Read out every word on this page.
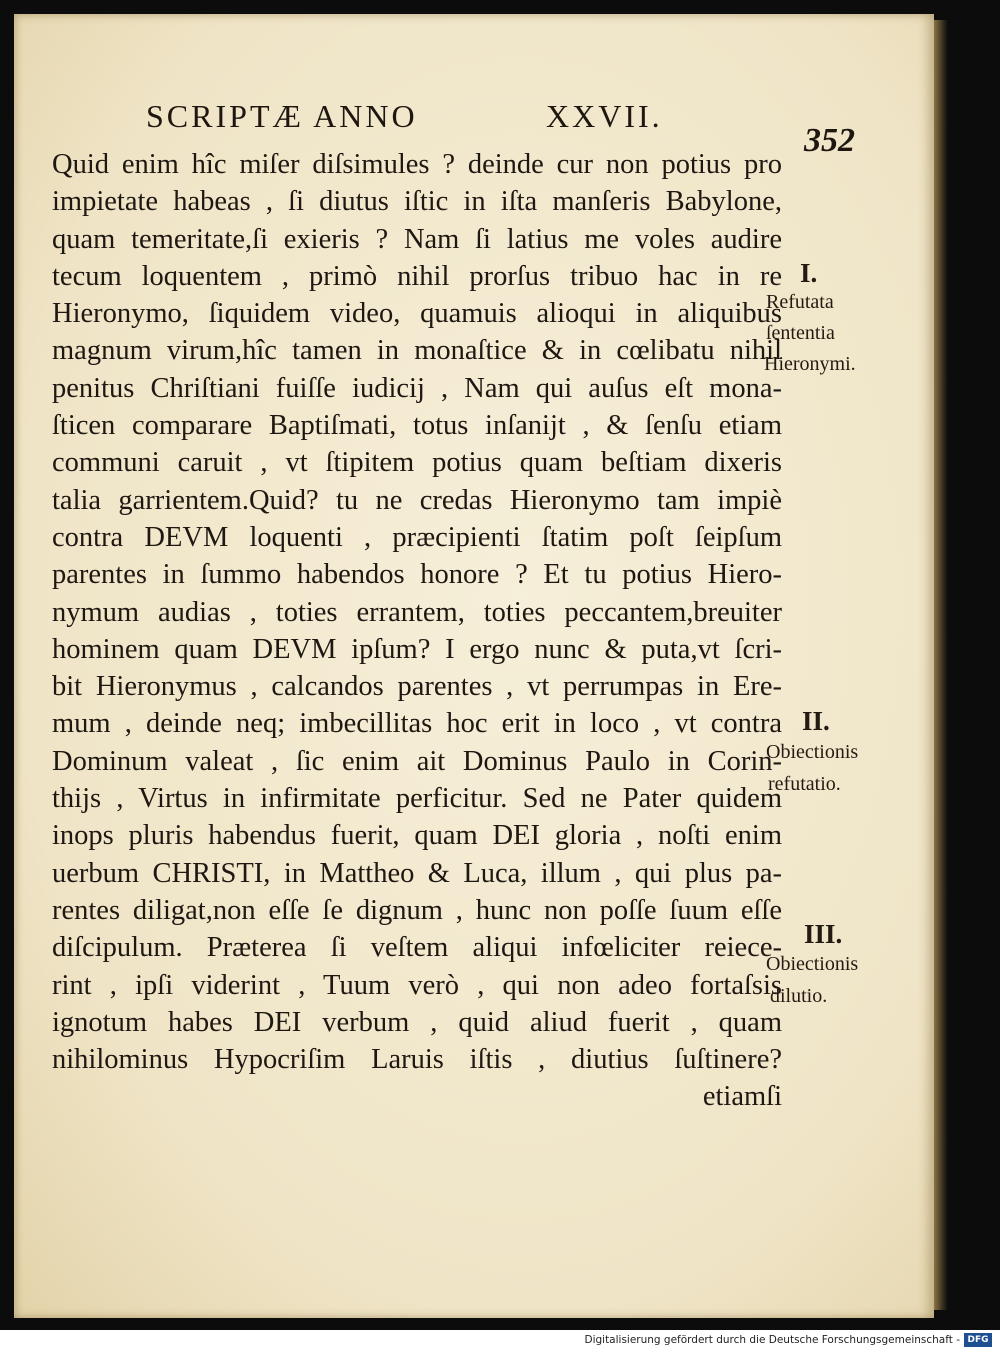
SCRIPTÆ ANNO	XXVII.
352
Quid enim hîc miſer diſsimules ? deinde cur non potius pro
impietate habeas , ſi diutus iſtic in iſta manſeris Babylone,
quam temeritate,ſi exieris ? Nam ſi latius me voles audire
tecum loquentem , primò nihil prorſus tribuo hac in re
Hieronymo, ſiquidem video, quamuis alioqui in aliquibus
magnum virum,hîc tamen in monaſtice & in cœlibatu nihil
penitus Chriſtiani fuiſſe iudicij , Nam qui auſus eſt mona-
ſticen comparare Baptiſmati, totus inſanijt , & ſenſu etiam
communi caruit , vt ſtipitem potius quam beſtiam dixeris
talia garrientem.Quid? tu ne credas Hieronymo tam impiè
contra DEVM loquenti , præcipienti ſtatim poſt ſeipſum
parentes in ſummo habendos honore ? Et tu potius Hiero-
nymum audias , toties errantem, toties peccantem,breuiter
hominem quam DEVM ipſum? I ergo nunc & puta,vt ſcri-
bit Hieronymus , calcandos parentes , vt perrumpas in Ere-
mum , deinde neq; imbecillitas hoc erit in loco , vt contra
Dominum valeat , ſic enim ait Dominus Paulo in Corin-
thijs , Virtus in infirmitate perficitur. Sed ne Pater quidem
inops pluris habendus fuerit, quam DEI gloria , noſti enim
uerbum CHRISTI, in Mattheo & Luca, illum , qui plus pa-
rentes diligat,non eſſe ſe dignum , hunc non poſſe ſuum eſſe
diſcipulum. Præterea ſi veſtem aliqui infœliciter reiece-
rint , ipſi viderint , Tuum verò , qui non adeo fortaſsis
ignotum habes DEI verbum , quid aliud fuerit , quam
nihilominus Hypocriſim Laruis iſtis , diutius ſuſtinere?
etiamſi
I.
Refutata
ſententia
Hieronymi.
II.
Obiectionis
refutatio.
III.
Obiectionis
dilutio.
Digitalisierung gefördert durch die Deutsche Forschungsgemeinschaft - DFG
